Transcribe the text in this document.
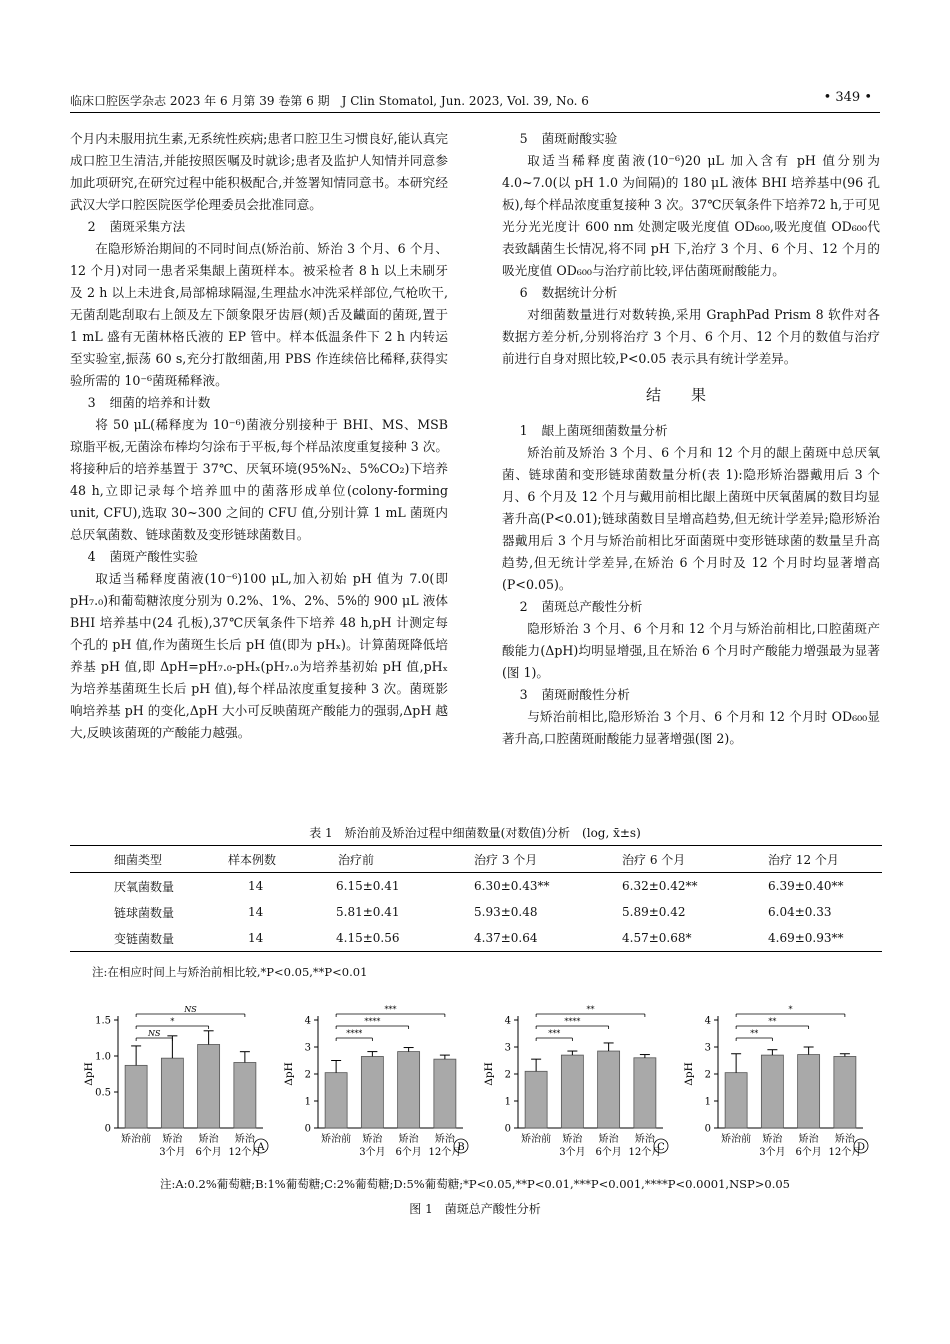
临床口腔医学杂志 2023 年 6 月第 39 卷第 6 期　J Clin Stomatol, Jun. 2023, Vol. 39, No. 6	• 349 •

个月内未服用抗生素,无系统性疾病;患者口腔卫生习惯良好,能认真完成口腔卫生清洁,并能按照医嘱及时就诊;患者及监护人知情并同意参加此项研究,在研究过程中能积极配合,并签署知情同意书。本研究经武汉大学口腔医院医学伦理委员会批准同意。

2 菌斑采集方法

在隐形矫治期间的不同时间点(矫治前、矫治 3 个月、6 个月、12 个月)对同一患者采集龈上菌斑样本。被采检者 8 h 以上未刷牙及 2 h 以上未进食,局部棉球隔湿,生理盐水冲洗采样部位,气枪吹干,无菌刮匙刮取右上颌及左下颌象限牙齿唇(颊)舌及䶪面的菌斑,置于 1 mL 盛有无菌林格氏液的 EP 管中。样本低温条件下 2 h 内转运至实验室,振荡 60 s,充分打散细菌,用 PBS 作连续倍比稀释,获得实验所需的 10⁻⁶菌斑稀释液。

3 细菌的培养和计数

将 50 μL(稀释度为 10⁻⁶)菌液分别接种于 BHI、MS、MSB 琼脂平板,无菌涂布棒均匀涂布于平板,每个样品浓度重复接种 3 次。将接种后的培养基置于 37℃、厌氧环境(95%N₂、5%CO₂)下培养 48 h,立即记录每个培养皿中的菌落形成单位(colony-forming unit, CFU),选取 30~300 之间的 CFU 值,分别计算 1 mL 菌斑内总厌氧菌数、链球菌数及变形链球菌数目。

4 菌斑产酸性实验

取适当稀释度菌液(10⁻⁶)100 μL,加入初始 pH 值为 7.0(即 pH₇.₀)和葡萄糖浓度分别为 0.2%、1%、2%、5%的 900 μL 液体 BHI 培养基中(24 孔板),37℃厌氧条件下培养 48 h,pH 计测定每个孔的 pH 值,作为菌斑生长后 pH 值(即为 pHₓ)。计算菌斑降低培养基 pH 值,即 ΔpH=pH₇.₀-pHₓ(pH₇.₀为培养基初始 pH 值,pHₓ为培养基菌斑生长后 pH 值),每个样品浓度重复接种 3 次。菌斑影响培养基 pH 的变化,ΔpH 大小可反映菌斑产酸能力的强弱,ΔpH 越大,反映该菌斑的产酸能力越强。

5 菌斑耐酸实验

取适当稀释度菌液(10⁻⁶)20 μL 加入含有 pH 值分别为 4.0~7.0(以 pH 1.0 为间隔)的 180 μL 液体 BHI 培养基中(96 孔板),每个样品浓度重复接种 3 次。37℃厌氧条件下培养72 h,于可见光分光光度计 600 nm 处测定吸光度值 OD₆₀₀,吸光度值 OD₆₀₀代表致龋菌生长情况,将不同 pH 下,治疗 3 个月、6 个月、12 个月的吸光度值 OD₆₀₀与治疗前比较,评估菌斑耐酸能力。

6 数据统计分析

对细菌数量进行对数转换,采用 GraphPad Prism 8 软件对各数据方差分析,分别将治疗 3 个月、6 个月、12 个月的数值与治疗前进行自身对照比较,P<0.05 表示具有统计学差异。

结果
1 龈上菌斑细菌数量分析

矫治前及矫治 3 个月、6 个月和 12 个月的龈上菌斑中总厌氧菌、链球菌和变形链球菌数量分析(表 1):隐形矫治器戴用后 3 个月、6 个月及 12 个月与戴用前相比龈上菌斑中厌氧菌属的数目均显著升高(P<0.01);链球菌数目呈增高趋势,但无统计学差异;隐形矫治器戴用后 3 个月与矫治前相比牙面菌斑中变形链球菌的数量呈升高趋势,但无统计学差异,在矫治 6 个月时及 12 个月时均显著增高(P<0.05)。

2 菌斑总产酸性分析

隐形矫治 3 个月、6 个月和 12 个月与矫治前相比,口腔菌斑产酸能力(ΔpH)均明显增强,且在矫治 6 个月时产酸能力增强最为显著(图 1)。

3 菌斑耐酸性分析

与矫治前相比,隐形矫治 3 个月、6 个月和 12 个月时 OD₆₀₀显著升高,口腔菌斑耐酸能力显著增强(图 2)。

表 1　矫治前及矫治过程中细菌数量(对数值)分析　(log, x̄±s)
细菌类型	样本例数	治疗前	治疗 3 个月	治疗 6 个月	治疗 12 个月
厌氧菌数量	14	6.15±0.41	6.30±0.43**	6.32±0.42**	6.39±0.40**
链球菌数量	14	5.81±0.41	5.93±0.48	5.89±0.42	6.04±0.33
变链菌数量	14	4.15±0.56	4.37±0.64	4.57±0.68*	4.69±0.93**
注:在相应时间上与矫治前相比较,*P<0.05,**P<0.01
0
0.5
1.0
1.5
ΔpH
矫治前 矫治
3个月
矫治
6个月
矫治
12个月
NS
*
NS
A
0
1
2
3
4
ΔpH
矫治前 矫治
3个月
矫治
6个月
矫治
12个月
****
****
***
B
0
1
2
3
4
ΔpH
矫治前 矫治
3个月
矫治
6个月
矫治
12个月
***
****
**
C
0
1
2
3
4
ΔpH
矫治前 矫治
3个月
矫治
6个月
矫治
12个月
**
**
*
D
注:A:0.2%葡萄糖;B:1%葡萄糖;C:2%葡萄糖;D:5%葡萄糖;*P<0.05,**P<0.01,***P<0.001,****P<0.0001,NSP>0.05
图 1　菌斑总产酸性分析
